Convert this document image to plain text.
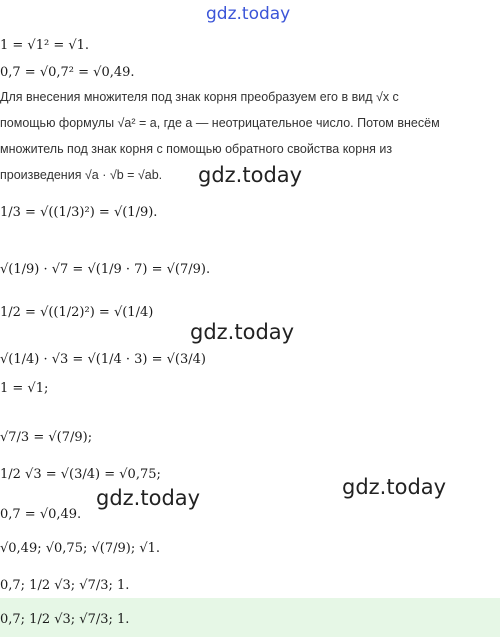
gdz.today
gdz.today
gdz.today
gdz.today	gdz.today
1 = √1² = √1.
0,7 = √0,7² = √0,49.
Для внесения множителя под знак корня преобразуем его в вид √x с
помощью формулы √a² = a, где a — неотрицательное число. Потом внесём
множитель под знак корня с помощью обратного свойства корня из
произведения √a · √b = √ab.
1/3 = √((1/3)²) = √(1/9).
√(1/9) · √7 = √(1/9 · 7) = √(7/9).
1/2 = √((1/2)²) = √(1/4)
√(1/4) · √3 = √(1/4 · 3) = √(3/4)
1 = √1;
√7/3 = √(7/9);
1/2 √3 = √(3/4) = √0,75;
0,7 = √0,49.
√0,49; √0,75; √(7/9); √1.
0,7; 1/2 √3; √7/3; 1.
0,7; 1/2 √3; √7/3; 1.
